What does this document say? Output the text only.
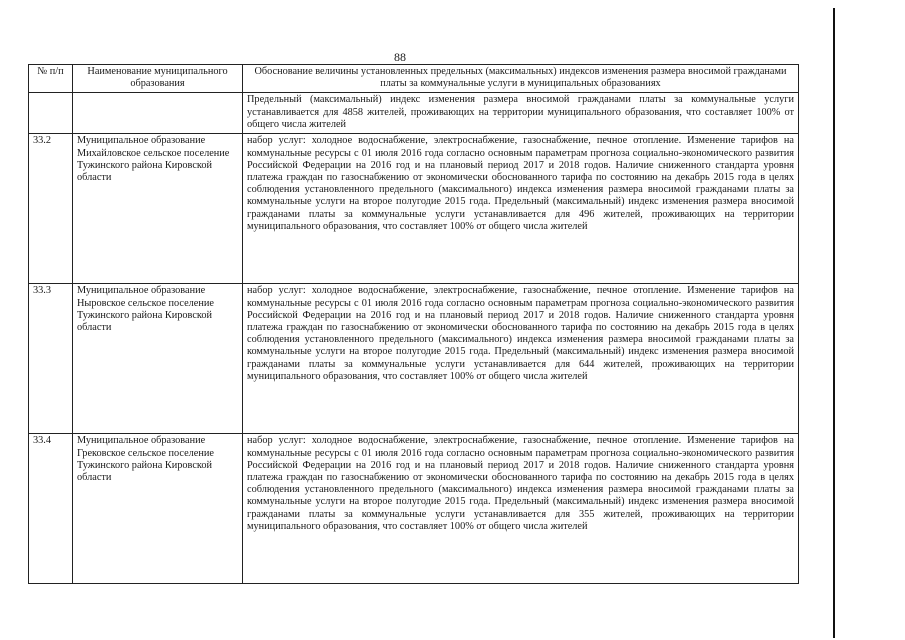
88
№ п/п	Наименование муниципального образования	Обоснование величины установленных предельных (максимальных) индексов изменения размера вносимой гражданами платы за коммунальные услуги в муниципальных образованиях
		Предельный (максимальный) индекс изменения размера вносимой гражданами платы за коммунальные услуги устанавливается для 4858 жителей, проживающих на территории муниципального образования, что составляет 100% от общего числа жителей
33.2	Муниципальное образование Михайловское сельское поселение Тужинского района Кировской области	набор услуг: холодное водоснабжение, электроснабжение, газоснабжение, печное отопление. Изменение тарифов на коммунальные ресурсы с 01 июля 2016 года согласно основным параметрам прогноза социально-экономического развития Российской Федерации на 2016 год и на плановый период 2017 и 2018 годов. Наличие сниженного стандарта уровня платежа граждан по газоснабжению от экономически обоснованного тарифа по состоянию на декабрь 2015 года в целях соблюдения установленного предельного (максимального) индекса изменения размера вносимой гражданами платы за коммунальные услуги на второе полугодие 2015 года. Предельный (максимальный) индекс изменения размера вносимой гражданами платы за коммунальные услуги устанавливается для 496 жителей, проживающих на территории муниципального образования, что составляет 100% от общего числа жителей
33.3	Муниципальное образование Ныровское сельское поселение Тужинского района Кировской области	набор услуг: холодное водоснабжение, электроснабжение, газоснабжение, печное отопление. Изменение тарифов на коммунальные ресурсы с 01 июля 2016 года согласно основным параметрам прогноза социально-экономического развития Российской Федерации на 2016 год и на плановый период 2017 и 2018 годов. Наличие сниженного стандарта уровня платежа граждан по газоснабжению от экономически обоснованного тарифа по состоянию на декабрь 2015 года в целях соблюдения установленного предельного (максимального) индекса изменения размера вносимой гражданами платы за коммунальные услуги на второе полугодие 2015 года. Предельный (максимальный) индекс изменения размера вносимой гражданами платы за коммунальные услуги устанавливается для 644 жителей, проживающих на территории муниципального образования, что составляет 100% от общего числа жителей
33.4	Муниципальное образование Грековское сельское поселение Тужинского района Кировской области	набор услуг: холодное водоснабжение, электроснабжение, газоснабжение, печное отопление. Изменение тарифов на коммунальные ресурсы с 01 июля 2016 года согласно основным параметрам прогноза социально-экономического развития Российской Федерации на 2016 год и на плановый период 2017 и 2018 годов. Наличие сниженного стандарта уровня платежа граждан по газоснабжению от экономически обоснованного тарифа по состоянию на декабрь 2015 года в целях соблюдения установленного предельного (максимального) индекса изменения размера вносимой гражданами платы за коммунальные услуги на второе полугодие 2015 года. Предельный (максимальный) индекс изменения размера вносимой гражданами платы за коммунальные услуги устанавливается для 355 жителей, проживающих на территории муниципального образования, что составляет 100% от общего числа жителей
